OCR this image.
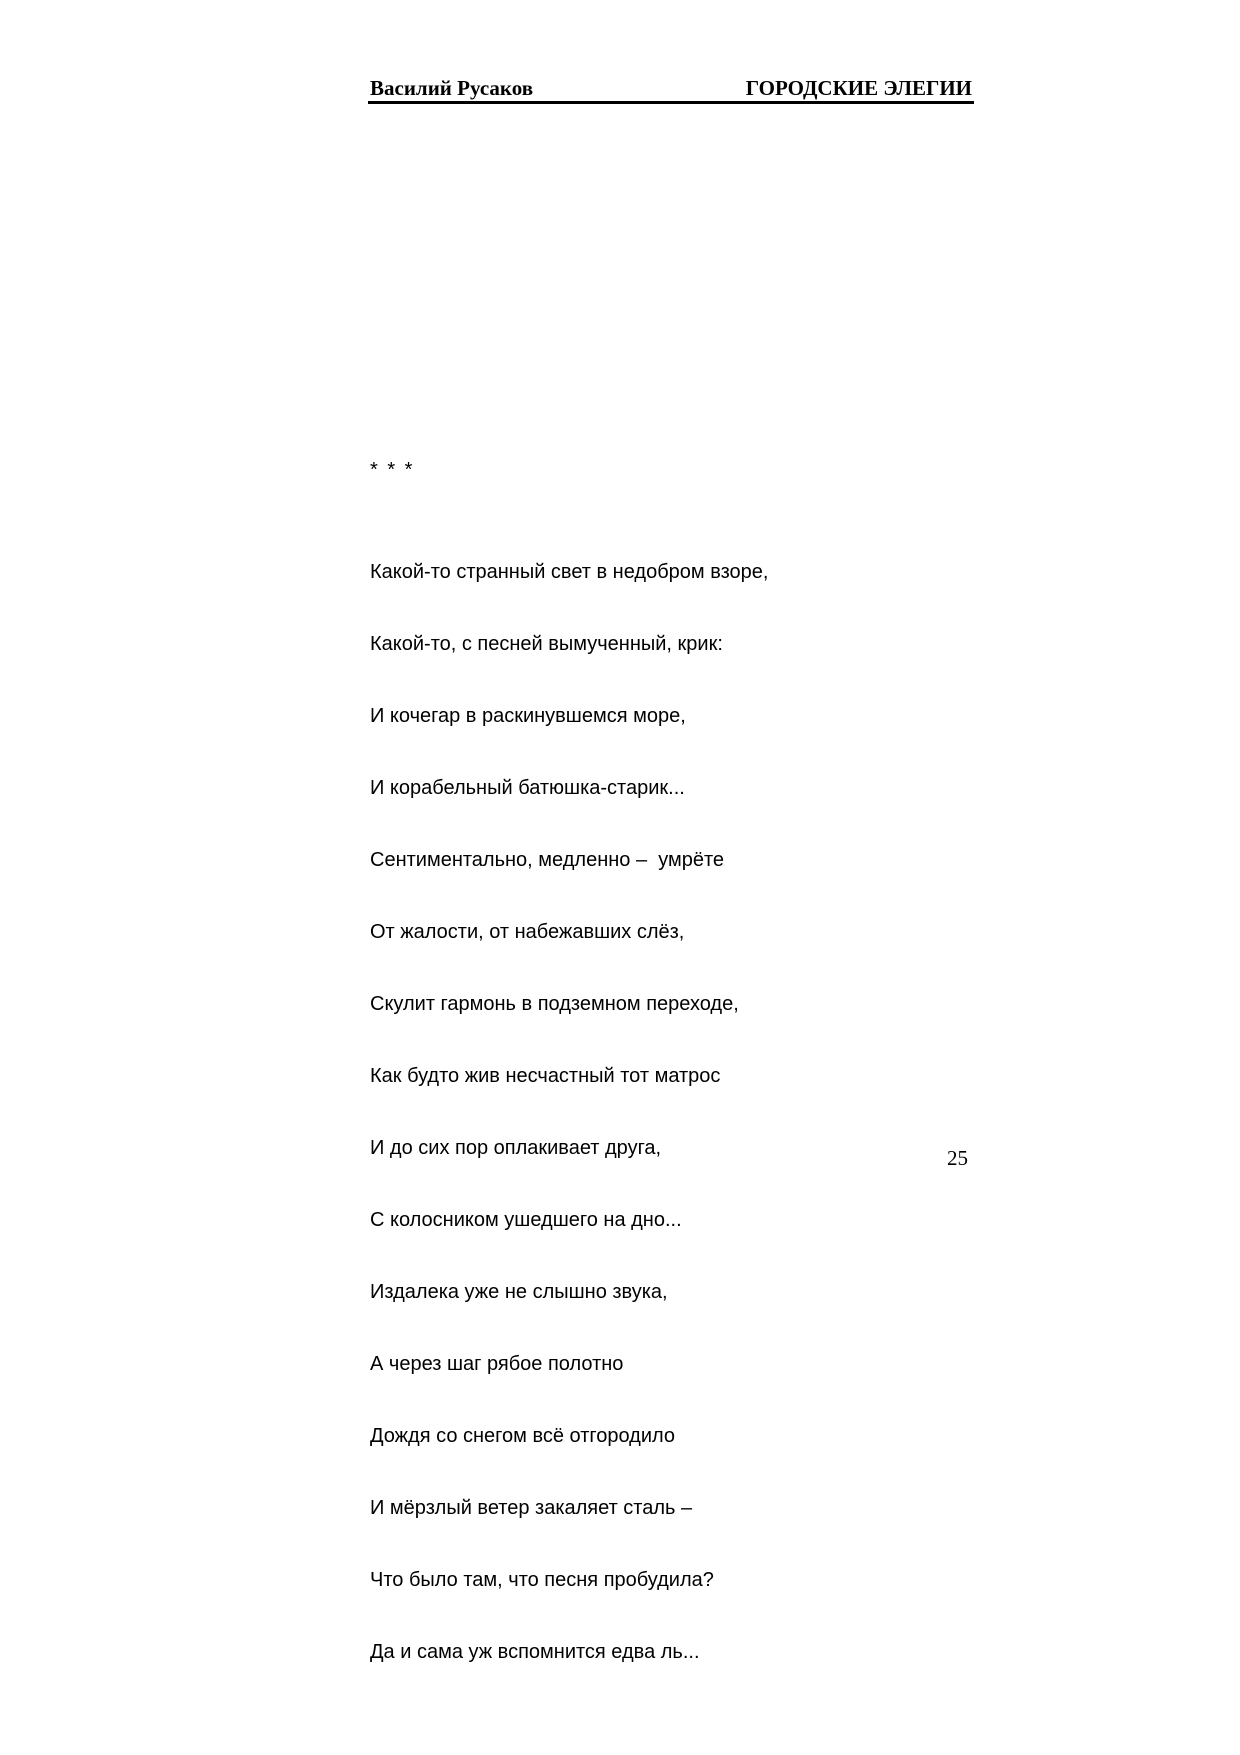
Василий Русаков	ГОРОДСКИЕ ЭЛЕГИИ

* * *

Какой-то странный свет в недобром взоре,

Какой-то, с песней вымученный, крик:

И кочегар в раскинувшемся море,

И корабельный батюшка-старик...

Сентиментально, медленно –  умрёте

От жалости, от набежавших слёз,

Скулит гармонь в подземном переходе,

Как будто жив несчастный тот матрос

И до сих пор оплакивает друга,

С колосником ушедшего на дно...

Издалека уже не слышно звука,

А через шаг рябое полотно

Дождя со снегом всё отгородило

И мёрзлый ветер закаляет сталь –

Что было там, что песня пробудила?

Да и сама уж вспомнится едва ль...

25
